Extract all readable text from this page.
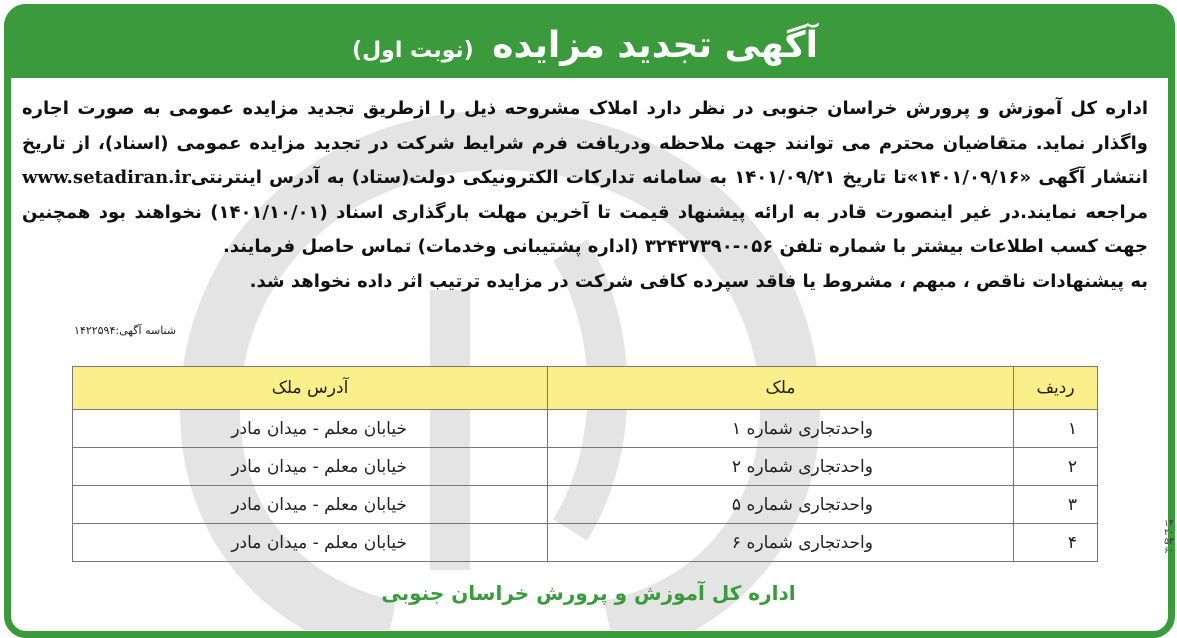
آگهی تجدید مزایده (نوبت اول)

اداره کل آموزش و پرورش خراسان جنوبی در نظر دارد املاک مشروحه ذیل را ازطریق تجدید مزایده عمومی به صورت اجاره واگذار نماید. متقاضیان محترم می توانند جهت ملاحظه ودریافت فرم شرایط شرکت در تجدید مزایده عمومی (اسناد)، از تاریخ انتشار آگهی «۱۴۰۱/۰۹/۱۶»تا تاریخ ۱۴۰۱/۰۹/۲۱ به سامانه تدارکات الکترونیکی دولت(ستاد) به آدرس اینترنتیwww.setadiran.ir مراجعه نمایند.در غیر اینصورت قادر به ارائه پیشنهاد قیمت تا آخرین مهلت بارگذاری اسناد (۱۴۰۱/۱۰/۰۱) نخواهند بود همچنین جهت کسب اطلاعات بیشتر با شماره تلفن ۰۵۶-۳۲۴۳۷۳۹۰ (اداره پشتیبانی وخدمات) تماس حاصل فرمایند.

به پیشنهادات ناقص ، مبهم ، مشروط یا فاقد سپرده کافی شرکت در مزایده ترتیب اثر داده نخواهد شد.

شناسه آگهی:۱۴۲۲۵۹۴
ردیف	ملک	آدرس ملک
۱	واحدتجاری شماره ۱	خیابان معلم - میدان مادر
۲	واحدتجاری شماره ۲	خیابان معلم - میدان مادر
۳	واحدتجاری شماره ۵	خیابان معلم - میدان مادر
۴	واحدتجاری شماره ۶	خیابان معلم - میدان مادر
اداره کل آموزش و پرورش خراسان جنوبی
۱۴۲۰۵۳۶۰
